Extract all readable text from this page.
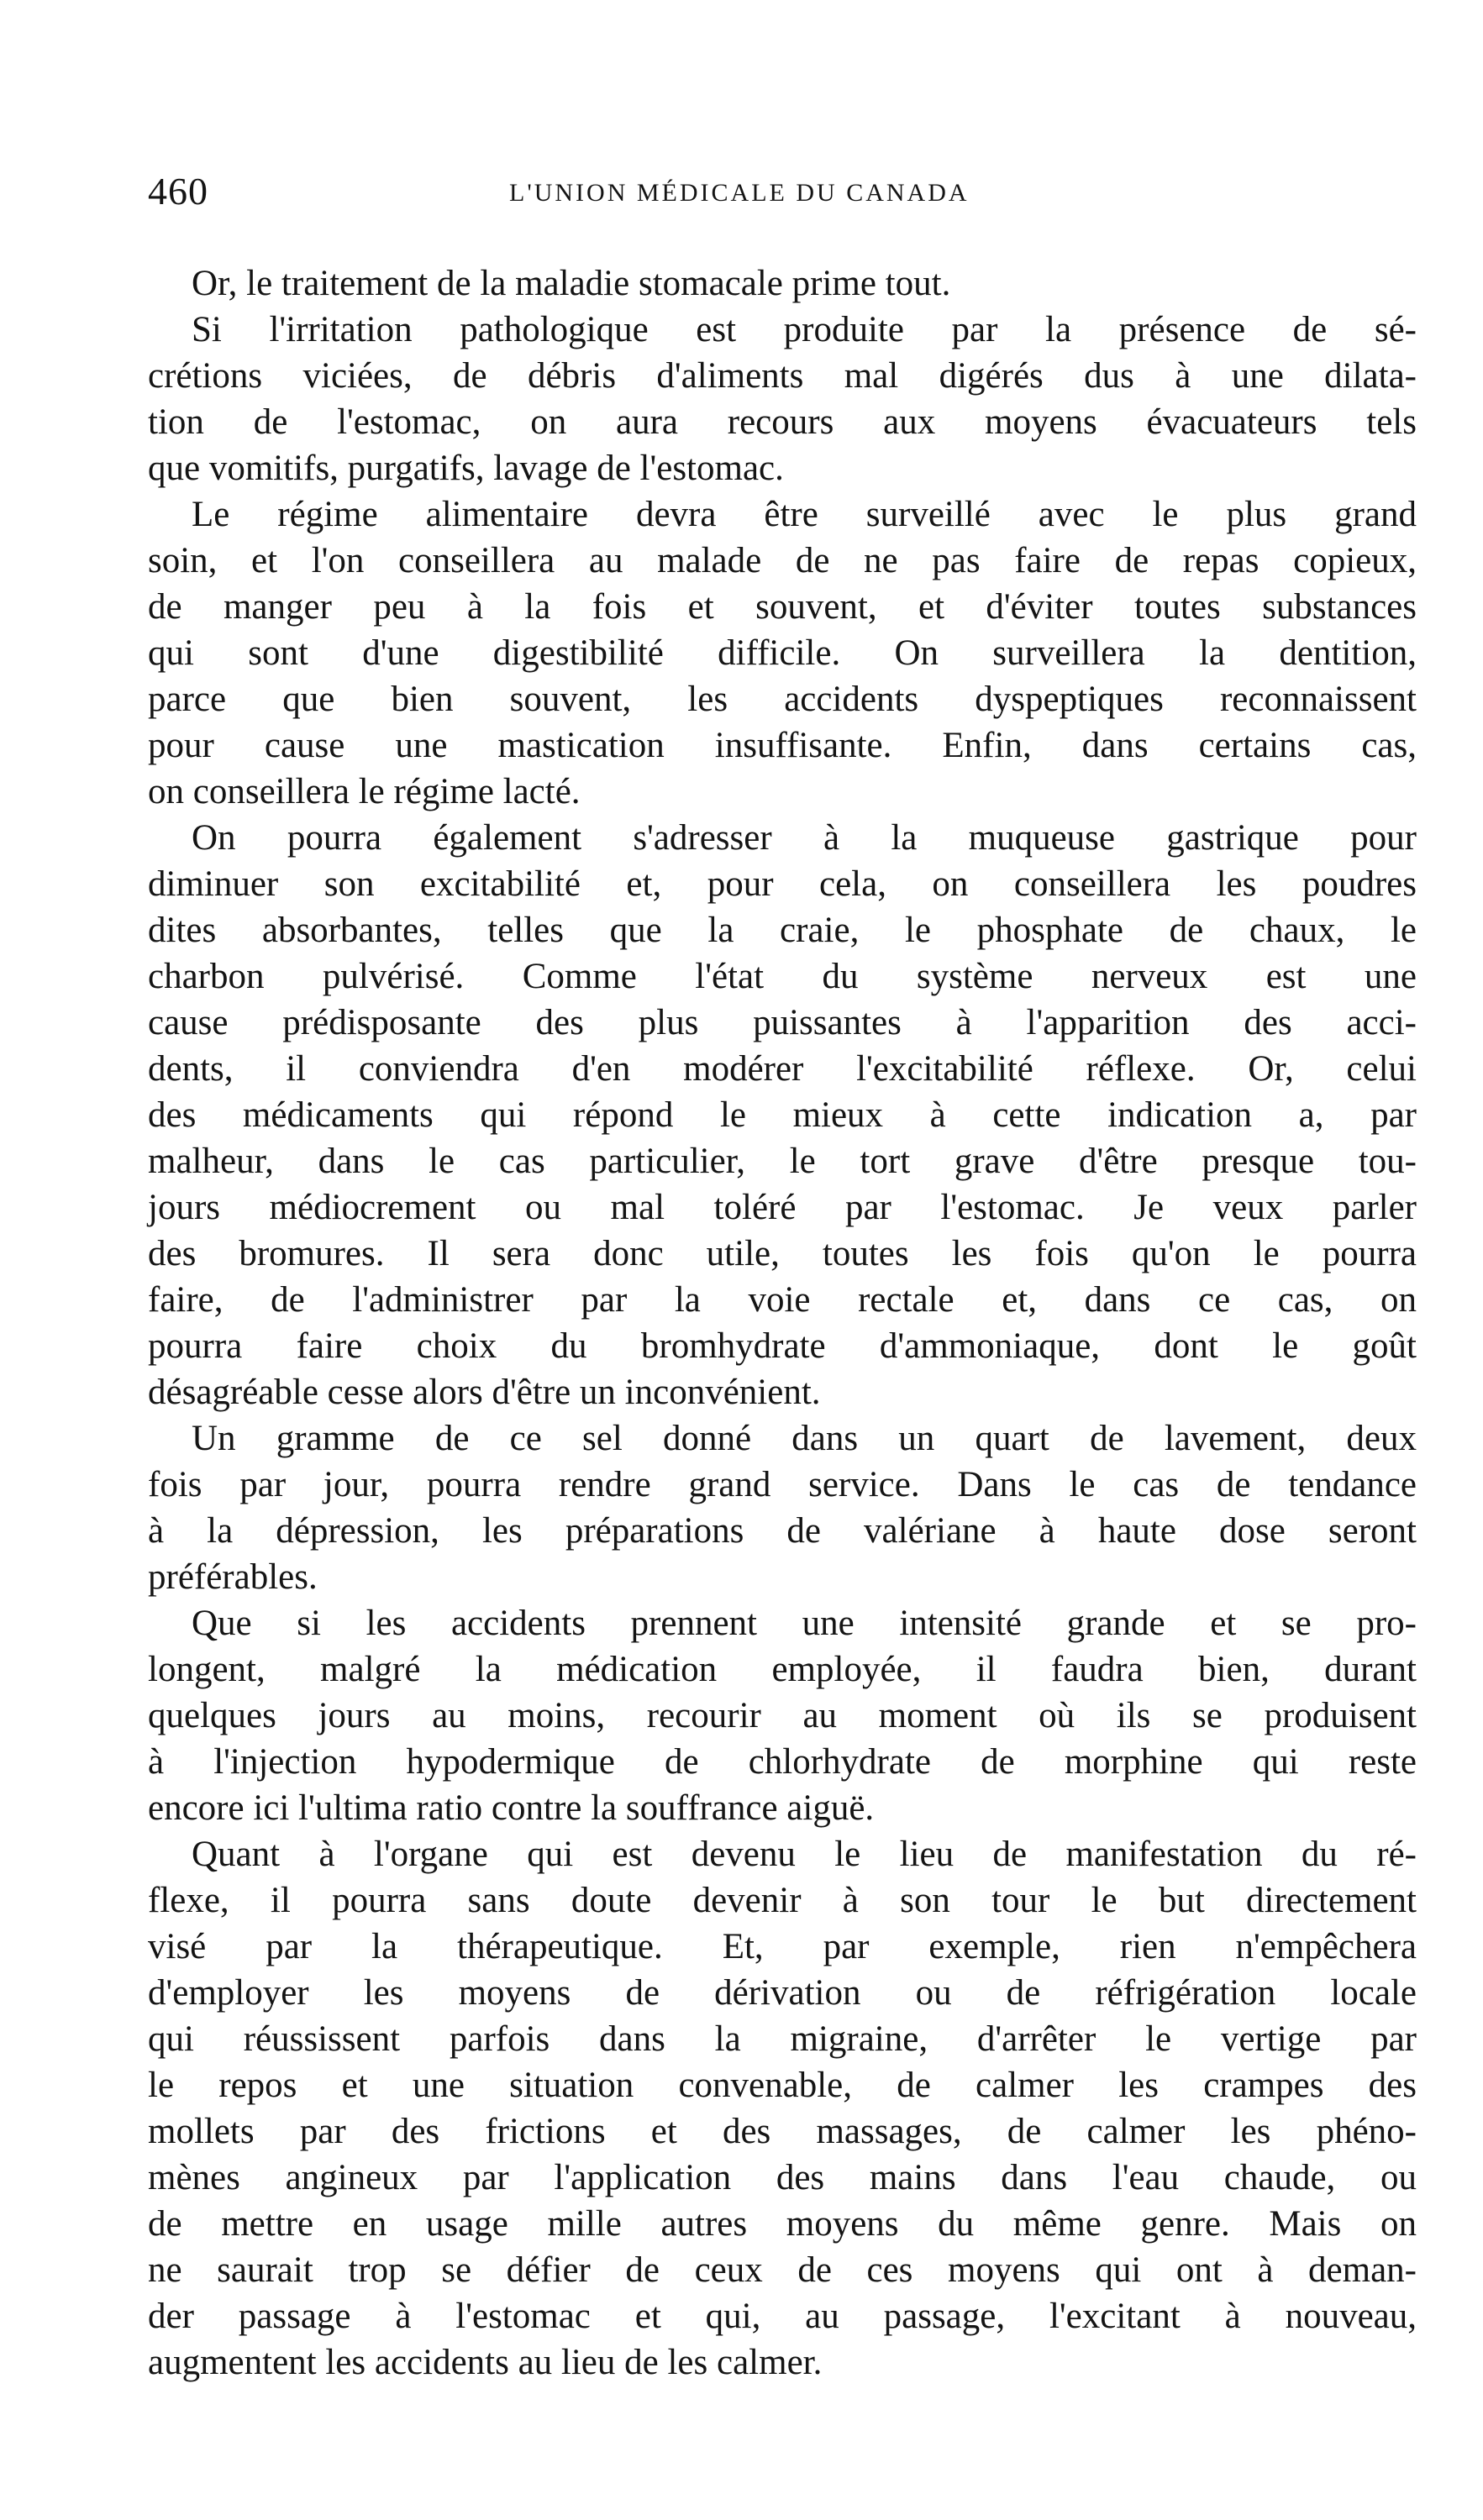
460	L'UNION MÉDICALE DU CANADA
Or, le traitement de la maladie stomacale prime tout.
Si l'irritation pathologique est produite par la présence de sé-
crétions viciées, de débris d'aliments mal digérés dus à une dilata-
tion de l'estomac, on aura recours aux moyens évacuateurs tels
que vomitifs, purgatifs, lavage de l'estomac.
Le régime alimentaire devra être surveillé avec le plus grand
soin, et l'on conseillera au malade de ne pas faire de repas copieux,
de manger peu à la fois et souvent, et d'éviter toutes substances
qui sont d'une digestibilité difficile. On surveillera la dentition,
parce que bien souvent, les accidents dyspeptiques reconnaissent
pour cause une mastication insuffisante. Enfin, dans certains cas,
on conseillera le régime lacté.
On pourra également s'adresser à la muqueuse gastrique pour
diminuer son excitabilité et, pour cela, on conseillera les poudres
dites absorbantes, telles que la craie, le phosphate de chaux, le
charbon pulvérisé. Comme l'état du système nerveux est une
cause prédisposante des plus puissantes à l'apparition des acci-
dents, il conviendra d'en modérer l'excitabilité réflexe. Or, celui
des médicaments qui répond le mieux à cette indication a, par
malheur, dans le cas particulier, le tort grave d'être presque tou-
jours médiocrement ou mal toléré par l'estomac. Je veux parler
des bromures. Il sera donc utile, toutes les fois qu'on le pourra
faire, de l'administrer par la voie rectale et, dans ce cas, on
pourra faire choix du bromhydrate d'ammoniaque, dont le goût
désagréable cesse alors d'être un inconvénient.
Un gramme de ce sel donné dans un quart de lavement, deux
fois par jour, pourra rendre grand service. Dans le cas de tendance
à la dépression, les préparations de valériane à haute dose seront
préférables.
Que si les accidents prennent une intensité grande et se pro-
longent, malgré la médication employée, il faudra bien, durant
quelques jours au moins, recourir au moment où ils se produisent
à l'injection hypodermique de chlorhydrate de morphine qui reste
encore ici l'ultima ratio contre la souffrance aiguë.
Quant à l'organe qui est devenu le lieu de manifestation du ré-
flexe, il pourra sans doute devenir à son tour le but directement
visé par la thérapeutique. Et, par exemple, rien n'empêchera
d'employer les moyens de dérivation ou de réfrigération locale
qui réussissent parfois dans la migraine, d'arrêter le vertige par
le repos et une situation convenable, de calmer les crampes des
mollets par des frictions et des massages, de calmer les phéno-
mènes angineux par l'application des mains dans l'eau chaude, ou
de mettre en usage mille autres moyens du même genre. Mais on
ne saurait trop se défier de ceux de ces moyens qui ont à deman-
der passage à l'estomac et qui, au passage, l'excitant à nouveau,
augmentent les accidents au lieu de les calmer.
